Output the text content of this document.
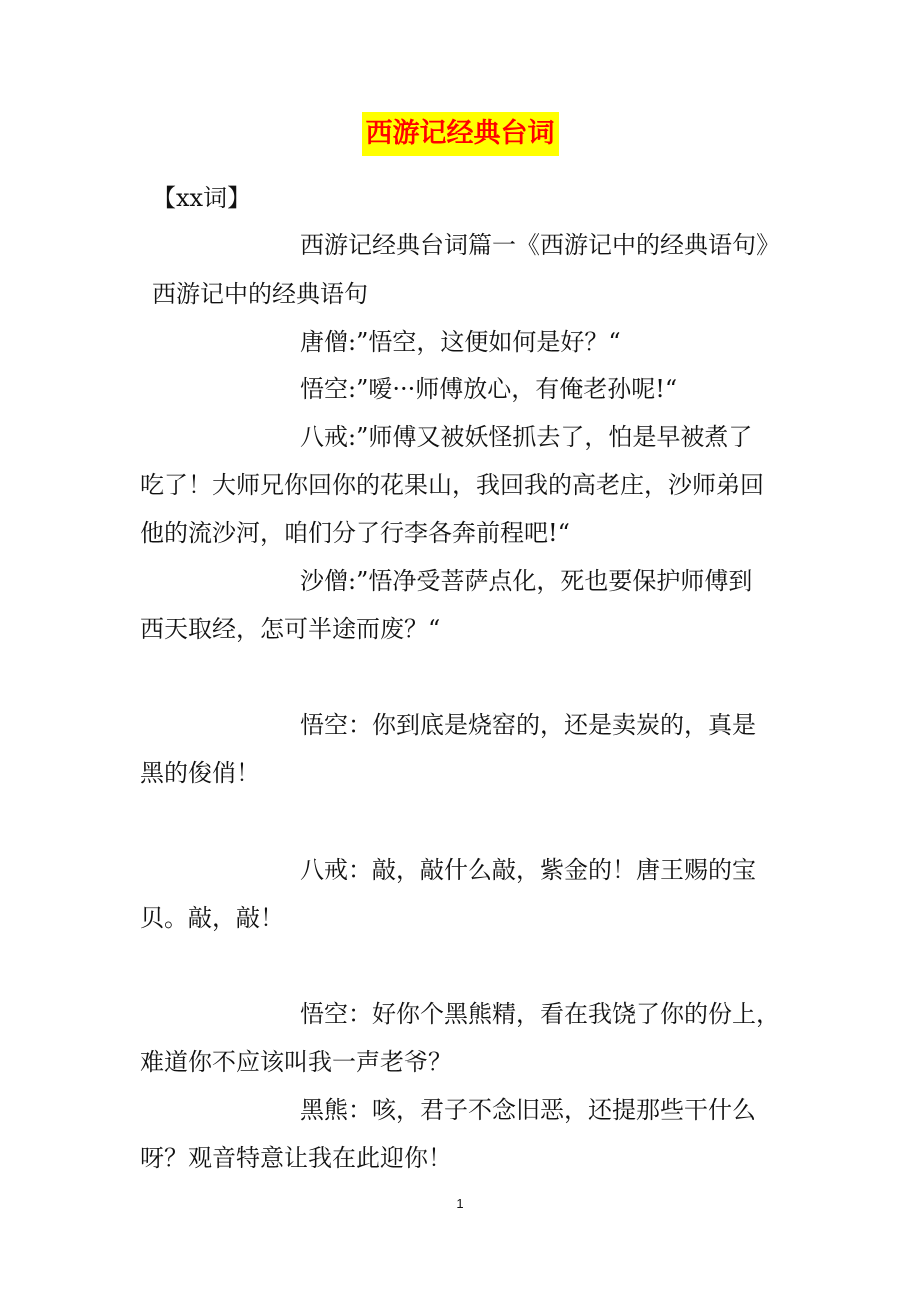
西游记经典台词
【xx词】
西游记经典台词篇一《西游记中的经典语句》
西游记中的经典语句
唐僧:”悟空，这便如何是好？“
悟空:”嗳···师傅放心，有俺老孙呢!“
八戒:”师傅又被妖怪抓去了，怕是早被煮了
吃了！大师兄你回你的花果山，我回我的高老庄，沙师弟回
他的流沙河，咱们分了行李各奔前程吧!“
沙僧:”悟净受菩萨点化，死也要保护师傅到
西天取经，怎可半途而废？“
悟空：你到底是烧窑的，还是卖炭的，真是
黑的俊俏！
八戒：敲，敲什么敲，紫金的！唐王赐的宝
贝。敲，敲！
悟空：好你个黑熊精，看在我饶了你的份上，
难道你不应该叫我一声老爷？
黑熊：咳，君子不念旧恶，还提那些干什么
呀？观音特意让我在此迎你！
1
